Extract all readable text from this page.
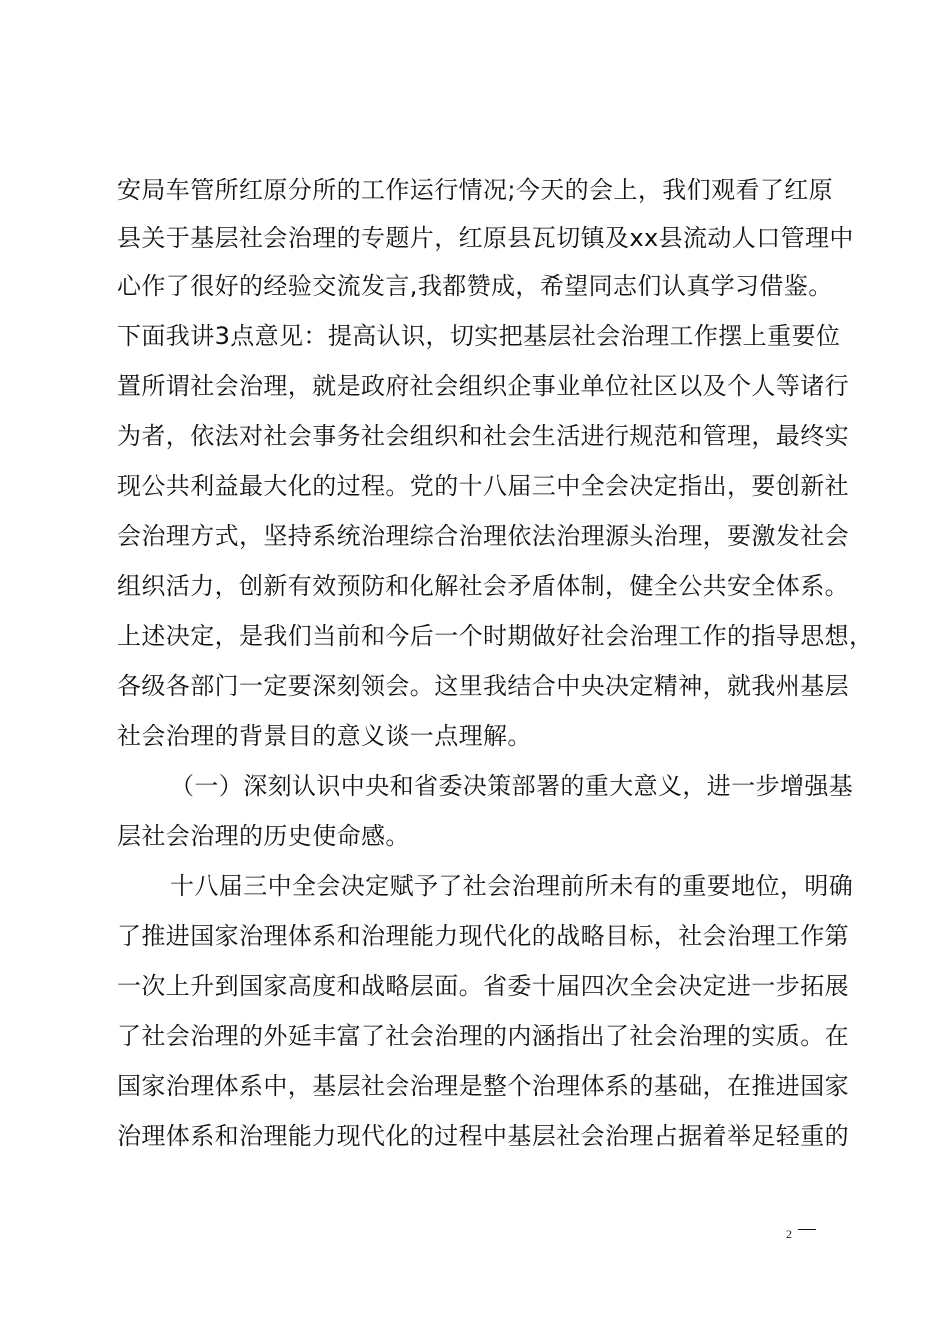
安局车管所红原分所的工作运行情况;今天的会上，我们观看了红原
县关于基层社会治理的专题片，红原县瓦切镇及xx县流动人口管理中
心作了很好的经验交流发言,我都赞成，希望同志们认真学习借鉴。
下面我讲3点意见：提高认识，切实把基层社会治理工作摆上重要位
置所谓社会治理，就是政府社会组织企事业单位社区以及个人等诸行
为者，依法对社会事务社会组织和社会生活进行规范和管理，最终实
现公共利益最大化的过程。党的十八届三中全会决定指出，要创新社
会治理方式，坚持系统治理综合治理依法治理源头治理，要激发社会
组织活力，创新有效预防和化解社会矛盾体制，健全公共安全体系。
上述决定，是我们当前和今后一个时期做好社会治理工作的指导思想，
各级各部门一定要深刻领会。这里我结合中央决定精神，就我州基层
社会治理的背景目的意义谈一点理解。
（一）深刻认识中央和省委决策部署的重大意义，进一步增强基
层社会治理的历史使命感。
十八届三中全会决定赋予了社会治理前所未有的重要地位，明确
了推进国家治理体系和治理能力现代化的战略目标，社会治理工作第
一次上升到国家高度和战略层面。省委十届四次全会决定进一步拓展
了社会治理的外延丰富了社会治理的内涵指出了社会治理的实质。在
国家治理体系中，基层社会治理是整个治理体系的基础，在推进国家
治理体系和治理能力现代化的过程中基层社会治理占据着举足轻重的
2
